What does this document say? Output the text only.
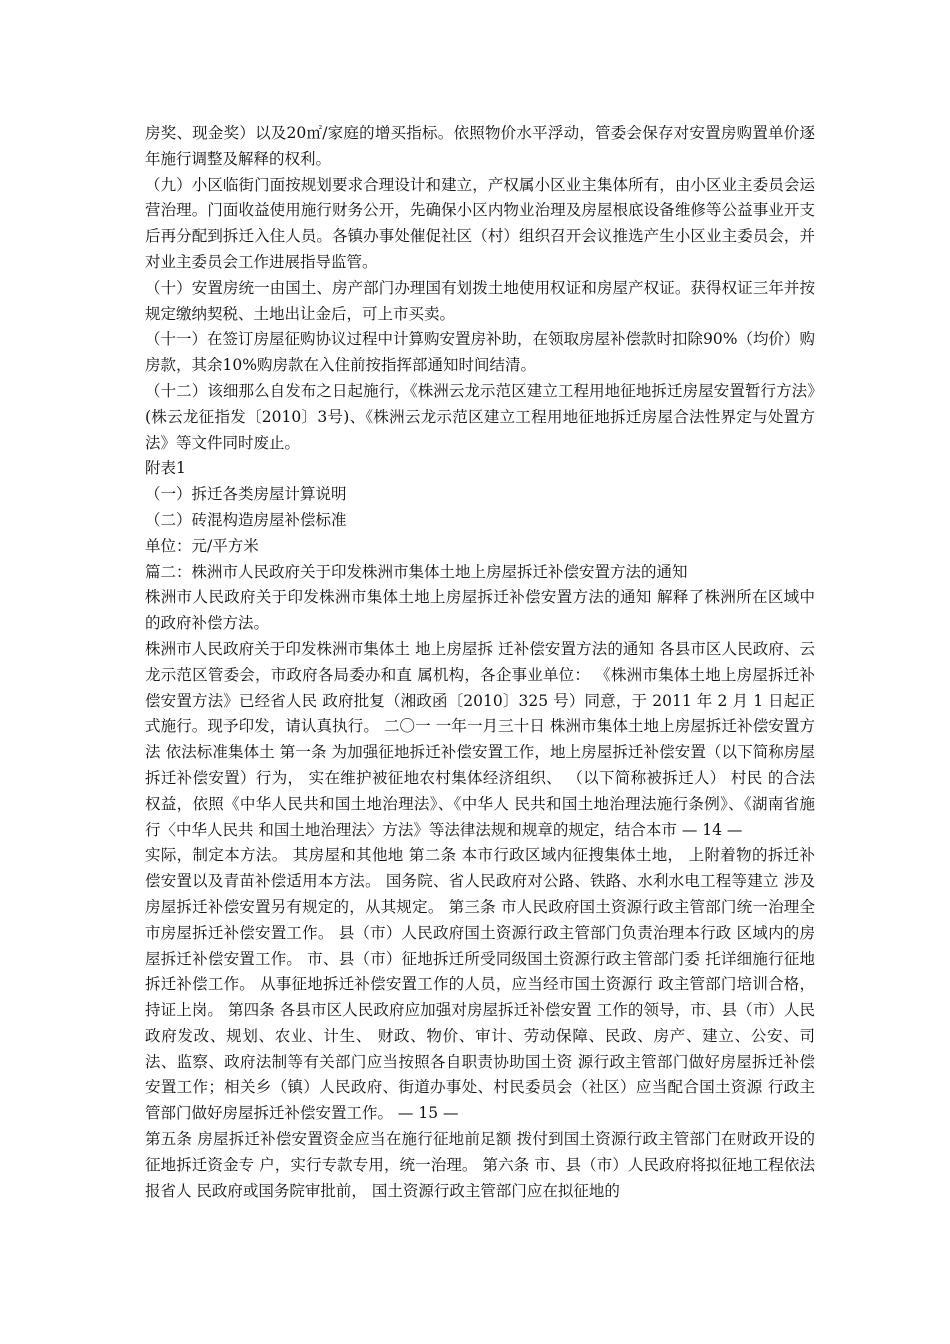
房奖、现金奖）以及20㎡/家庭的增买指标。依照物价水平浮动，管委会保存对安置房购置单价逐年施行调整及解释的权利。

（九）小区临街门面按规划要求合理设计和建立，产权属小区业主集体所有，由小区业主委员会运营治理。门面收益使用施行财务公开，先确保小区内物业治理及房屋根底设备维修等公益事业开支后再分配到拆迁入住人员。各镇办事处催促社区（村）组织召开会议推选产生小区业主委员会，并对业主委员会工作进展指导监管。

（十）安置房统一由国土、房产部门办理国有划拨土地使用权证和房屋产权证。获得权证三年并按规定缴纳契税、土地出让金后，可上市买卖。

（十一）在签订房屋征购协议过程中计算购安置房补助，在领取房屋补偿款时扣除90%（均价）购房款，其余10%购房款在入住前按指挥部通知时间结清。

（十二）该细那么自发布之日起施行，《株洲云龙示范区建立工程用地征地拆迁房屋安置暂行方法》(株云龙征指发〔2010〕3号)、《株洲云龙示范区建立工程用地征地拆迁房屋合法性界定与处置方法》等文件同时废止。

附表1

（一）拆迁各类房屋计算说明

（二）砖混构造房屋补偿标准

单位：元/平方米

篇二：株洲市人民政府关于印发株洲市集体土地上房屋拆迁补偿安置方法的通知

株洲市人民政府关于印发株洲市集体土地上房屋拆迁补偿安置方法的通知 解释了株洲所在区域中的政府补偿方法。

株洲市人民政府关于印发株洲市集体土 地上房屋拆 迁补偿安置方法的通知 各县市区人民政府、云龙示范区管委会，市政府各局委办和直 属机构，各企事业单位： 《株洲市集体土地上房屋拆迁补偿安置方法》已经省人民 政府批复（湘政函〔2010〕325 号）同意，于 2011 年 2 月 1 日起正式施行。现予印发，请认真执行。 二〇一 一年一月三十日 株洲市集体土地上房屋拆迁补偿安置方法 依法标准集体土 第一条 为加强征地拆迁补偿安置工作，地上房屋拆迁补偿安置（以下简称房屋拆迁补偿安置）行为， 实在维护被征地农村集体经济组织、 （以下简称被拆迁人） 村民 的合法权益，依照《中华人民共和国土地治理法》、《中华人 民共和国土地治理法施行条例》、《湖南省施行〈中华人民共 和国土地治理法〉方法》等法律法规和规章的规定，结合本市 — 14 —

实际，制定本方法。 其房屋和其他地 第二条 本市行政区域内征搜集体土地， 上附着物的拆迁补偿安置以及青苗补偿适用本方法。 国务院、省人民政府对公路、铁路、水利水电工程等建立 涉及房屋拆迁补偿安置另有规定的，从其规定。 第三条 市人民政府国土资源行政主管部门统一治理全 市房屋拆迁补偿安置工作。 县（市）人民政府国土资源行政主管部门负责治理本行政 区域内的房屋拆迁补偿安置工作。 市、县（市）征地拆迁所受同级国土资源行政主管部门委 托详细施行征地拆迁补偿工作。 从事征地拆迁补偿安置工作的人员，应当经市国土资源行 政主管部门培训合格，持证上岗。 第四条 各县市区人民政府应加强对房屋拆迁补偿安置 工作的领导，市、县（市）人民政府发改、规划、农业、计生、 财政、物价、审计、劳动保障、民政、房产、建立、公安、司 法、监察、政府法制等有关部门应当按照各自职责协助国土资 源行政主管部门做好房屋拆迁补偿安置工作；相关乡（镇）人民政府、街道办事处、村民委员会（社区）应当配合国土资源 行政主管部门做好房屋拆迁补偿安置工作。 — 15 —

第五条 房屋拆迁补偿安置资金应当在施行征地前足额 拨付到国土资源行政主管部门在财政开设的征地拆迁资金专 户，实行专款专用，统一治理。 第六条 市、县（市）人民政府将拟征地工程依法报省人 民政府或国务院审批前， 国土资源行政主管部门应在拟征地的
